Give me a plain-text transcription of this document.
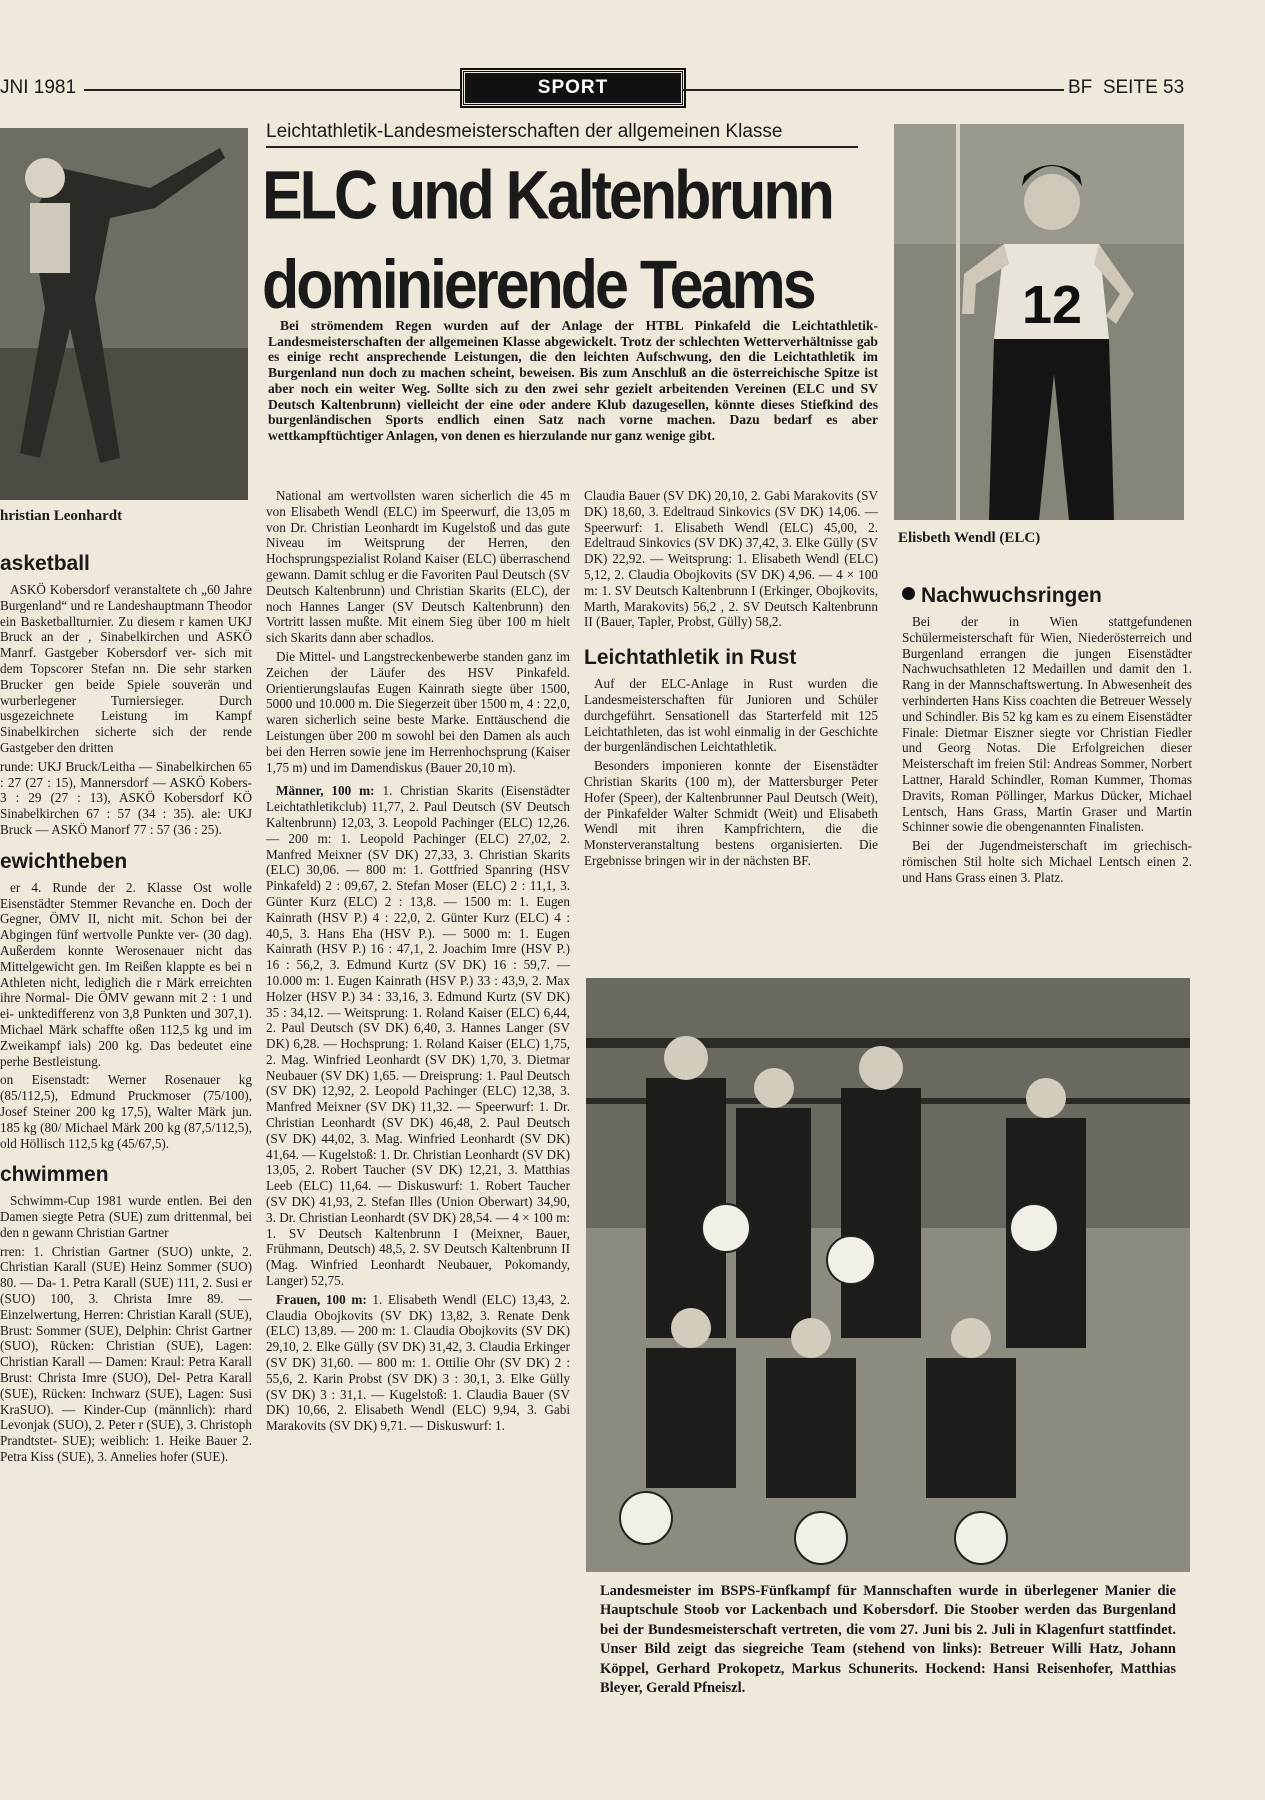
JNI 1981	SPORT	BF  SEITE 53
hristian Leonhardt
asketball

ASKÖ Kobersdorf veranstaltete ch „60 Jahre Burgenland“ und re Landeshauptmann Theodor ein Basketballturnier. Zu diesem r kamen UKJ Bruck an der , Sinabelkirchen und ASKÖ Manrf. Gastgeber Kobersdorf ver- sich mit dem Topscorer Stefan nn. Die sehr starken Brucker gen beide Spiele souverän und wurberlegener Turniersieger. Durch usgezeichnete Leistung im Kampf Sinabelkirchen sicherte sich der rende Gastgeber den dritten

runde: UKJ Bruck/Leitha — Sinabelkirchen 65 : 27 (27 : 15), Mannersdorf — ASKÖ Kobers- 3 : 29 (27 : 13), ASKÖ Kobersdorf KÖ Sinabelkirchen 67 : 57 (34 : 35). ale: UKJ Bruck — ASKÖ Manorf 77 : 57 (36 : 25).

ewichtheben

er 4. Runde der 2. Klasse Ost wolle Eisenstädter Stemmer Revanche en. Doch der Gegner, ÖMV II, nicht mit. Schon bei der Abgingen fünf wertvolle Punkte ver- (30 dag). Außerdem konnte Werosenauer nicht das Mittelgewicht gen. Im Reißen klappte es bei n Athleten nicht, lediglich die r Märk erreichten ihre Normal- Die ÖMV gewann mit 2 : 1 und ei- unktedifferenz von 3,8 Punkten und 307,1). Michael Märk schaffte oßen 112,5 kg und im Zweikampf ials) 200 kg. Das bedeutet eine perhe Bestleistung.

on Eisenstadt: Werner Rosenauer kg (85/112,5), Edmund Pruckmoser (75/100), Josef Steiner 200 kg 17,5), Walter Märk jun. 185 kg (80/ Michael Märk 200 kg (87,5/112,5), old Höllisch 112,5 kg (45/67,5).

chwimmen

Schwimm-Cup 1981 wurde entlen. Bei den Damen siegte Petra (SUE) zum drittenmal, bei den n gewann Christian Gartner

rren: 1. Christian Gartner (SUO) unkte, 2. Christian Karall (SUE) Heinz Sommer (SUO) 80. — Da- 1. Petra Karall (SUE) 111, 2. Susi er (SUO) 100, 3. Christa Imre 89. — Einzelwertung, Herren: Christian Karall (SUE), Brust: Sommer (SUE), Delphin: Christ Gartner (SUO), Rücken: Christian (SUE), Lagen: Christian Karall — Damen: Kraul: Petra Karall Brust: Christa Imre (SUO), Del- Petra Karall (SUE), Rücken: Inchwarz (SUE), Lagen: Susi KraSUO). — Kinder-Cup (männlich): rhard Levonjak (SUO), 2. Peter r (SUE), 3. Christoph Prandtstet- SUE); weiblich: 1. Heike Bauer 2. Petra Kiss (SUE), 3. Annelies hofer (SUE).

Leichtathletik-Landesmeisterschaften der allgemeinen Klasse
ELC und Kaltenbrunn
dominierende Teams

Bei strömendem Regen wurden auf der Anlage der HTBL Pinkafeld die Leichtathletik-Landesmeisterschaften der allgemeinen Klasse abgewickelt. Trotz der schlechten Wetterverhältnisse gab es einige recht ansprechende Leistungen, die den leichten Aufschwung, den die Leichtathletik im Burgenland nun doch zu machen scheint, beweisen. Bis zum Anschluß an die österreichische Spitze ist aber noch ein weiter Weg. Sollte sich zu den zwei sehr gezielt arbeitenden Vereinen (ELC und SV Deutsch Kaltenbrunn) vielleicht der eine oder andere Klub dazugesellen, könnte dieses Stiefkind des burgenländischen Sports endlich einen Satz nach vorne machen. Dazu bedarf es aber wettkampftüchtiger Anlagen, von denen es hierzulande nur ganz wenige gibt.

National am wertvollsten waren sicherlich die 45 m von Elisabeth Wendl (ELC) im Speerwurf, die 13,05 m von Dr. Christian Leonhardt im Kugelstoß und das gute Niveau im Weitsprung der Herren, den Hochsprungspezialist Roland Kaiser (ELC) überraschend gewann. Damit schlug er die Favoriten Paul Deutsch (SV Deutsch Kaltenbrunn) und Christian Skarits (ELC), der noch Hannes Langer (SV Deutsch Kaltenbrunn) den Vortritt lassen mußte. Mit einem Sieg über 100 m hielt sich Skarits dann aber schadlos.

Die Mittel- und Langstreckenbewerbe standen ganz im Zeichen der Läufer des HSV Pinkafeld. Orientierungslaufas Eugen Kainrath siegte über 1500, 5000 und 10.000 m. Die Siegerzeit über 1500 m, 4 : 22,0, waren sicherlich seine beste Marke. Enttäuschend die Leistungen über 200 m sowohl bei den Damen als auch bei den Herren sowie jene im Herrenhochsprung (Kaiser 1,75 m) und im Damendiskus (Bauer 20,10 m).

Männer, 100 m: 1. Christian Skarits (Eisenstädter Leichtathletikclub) 11,77, 2. Paul Deutsch (SV Deutsch Kaltenbrunn) 12,03, 3. Leopold Pachinger (ELC) 12,26. — 200 m: 1. Leopold Pachinger (ELC) 27,02, 2. Manfred Meixner (SV DK) 27,33, 3. Christian Skarits (ELC) 30,06. — 800 m: 1. Gottfried Spanring (HSV Pinkafeld) 2 : 09,67, 2. Stefan Moser (ELC) 2 : 11,1, 3. Günter Kurz (ELC) 2 : 13,8. — 1500 m: 1. Eugen Kainrath (HSV P.) 4 : 22,0, 2. Günter Kurz (ELC) 4 : 40,5, 3. Hans Eha (HSV P.). — 5000 m: 1. Eugen Kainrath (HSV P.) 16 : 47,1, 2. Joachim Imre (HSV P.) 16 : 56,2, 3. Edmund Kurtz (SV DK) 16 : 59,7. — 10.000 m: 1. Eugen Kainrath (HSV P.) 33 : 43,9, 2. Max Holzer (HSV P.) 34 : 33,16, 3. Edmund Kurtz (SV DK) 35 : 34,12. — Weitsprung: 1. Roland Kaiser (ELC) 6,44, 2. Paul Deutsch (SV DK) 6,40, 3. Hannes Langer (SV DK) 6,28. — Hochsprung: 1. Roland Kaiser (ELC) 1,75, 2. Mag. Winfried Leonhardt (SV DK) 1,70, 3. Dietmar Neubauer (SV DK) 1,65. — Dreisprung: 1. Paul Deutsch (SV DK) 12,92, 2. Leopold Pachinger (ELC) 12,38, 3. Manfred Meixner (SV DK) 11,32. — Speerwurf: 1. Dr. Christian Leonhardt (SV DK) 46,48, 2. Paul Deutsch (SV DK) 44,02, 3. Mag. Winfried Leonhardt (SV DK) 41,64. — Kugelstoß: 1. Dr. Christian Leonhardt (SV DK) 13,05, 2. Robert Taucher (SV DK) 12,21, 3. Matthias Leeb (ELC) 11,64. — Diskuswurf: 1. Robert Taucher (SV DK) 41,93, 2. Stefan Illes (Union Oberwart) 34,90, 3. Dr. Christian Leonhardt (SV DK) 28,54. — 4 × 100 m: 1. SV Deutsch Kaltenbrunn I (Meixner, Bauer, Frühmann, Deutsch) 48,5, 2. SV Deutsch Kaltenbrunn II (Mag. Winfried Leonhardt Neubauer, Pokomandy, Langer) 52,75.

Frauen, 100 m: 1. Elisabeth Wendl (ELC) 13,43, 2. Claudia Obojkovits (SV DK) 13,82, 3. Renate Denk (ELC) 13,89. — 200 m: 1. Claudia Obojkovits (SV DK) 29,10, 2. Elke Gülly (SV DK) 31,42, 3. Claudia Erkinger (SV DK) 31,60. — 800 m: 1. Ottilie Ohr (SV DK) 2 : 55,6, 2. Karin Probst (SV DK) 3 : 30,1, 3. Elke Gülly (SV DK) 3 : 31,1. — Kugelstoß: 1. Claudia Bauer (SV DK) 10,66, 2. Elisabeth Wendl (ELC) 9,94, 3. Gabi Marakovits (SV DK) 9,71. — Diskuswurf: 1.

Claudia Bauer (SV DK) 20,10, 2. Gabi Marakovits (SV DK) 18,60, 3. Edeltraud Sinkovics (SV DK) 14,06. — Speerwurf: 1. Elisabeth Wendl (ELC) 45,00, 2. Edeltraud Sinkovics (SV DK) 37,42, 3. Elke Gülly (SV DK) 22,92. — Weitsprung: 1. Elisabeth Wendl (ELC) 5,12, 2. Claudia Obojkovits (SV DK) 4,96. — 4 × 100 m: 1. SV Deutsch Kaltenbrunn I (Erkinger, Obojkovits, Marth, Marakovits) 56,2 , 2. SV Deutsch Kaltenbrunn II (Bauer, Tapler, Probst, Gülly) 58,2.

Leichtathletik in Rust

Auf der ELC-Anlage in Rust wurden die Landesmeisterschaften für Junioren und Schüler durchgeführt. Sensationell das Starterfeld mit 125 Leichtathleten, das ist wohl einmalig in der Geschichte der burgenländischen Leichtathletik.

Besonders imponieren konnte der Eisenstädter Christian Skarits (100 m), der Mattersburger Peter Hofer (Speer), der Kaltenbrunner Paul Deutsch (Weit), der Pinkafelder Walter Schmidt (Weit) und Elisabeth Wendl mit ihren Kampfrichtern, die die Monsterveranstaltung bestens organisierten. Die Ergebnisse bringen wir in der nächsten BF.

12
Elisbeth Wendl (ELC)
Nachwuchsringen

Bei der in Wien stattgefundenen Schülermeisterschaft für Wien, Niederösterreich und Burgenland errangen die jungen Eisenstädter Nachwuchsathleten 12 Medaillen und damit den 1. Rang in der Mannschaftswertung. In Abwesenheit des verhinderten Hans Kiss coachten die Betreuer Wessely und Schindler. Bis 52 kg kam es zu einem Eisenstädter Finale: Dietmar Eiszner siegte vor Christian Fiedler und Georg Notas. Die Erfolgreichen dieser Meisterschaft im freien Stil: Andreas Sommer, Norbert Lattner, Harald Schindler, Roman Kummer, Thomas Dravits, Roman Pöllinger, Markus Dücker, Michael Lentsch, Hans Grass, Martin Graser und Martin Schinner sowie die obengenannten Finalisten.

Bei der Jugendmeisterschaft im griechisch-römischen Stil holte sich Michael Lentsch einen 2. und Hans Grass einen 3. Platz.

Landesmeister im BSPS-Fünfkampf für Mannschaften wurde in überlegener Manier die Hauptschule Stoob vor Lackenbach und Kobersdorf. Die Stoober werden das Burgenland bei der Bundesmeisterschaft vertreten, die vom 27. Juni bis 2. Juli in Klagenfurt stattfindet. Unser Bild zeigt das siegreiche Team (stehend von links): Betreuer Willi Hatz, Johann Köppel, Gerhard Prokopetz, Markus Schunerits. Hockend: Hansi Reisenhofer, Matthias Bleyer, Gerald Pfneiszl.
